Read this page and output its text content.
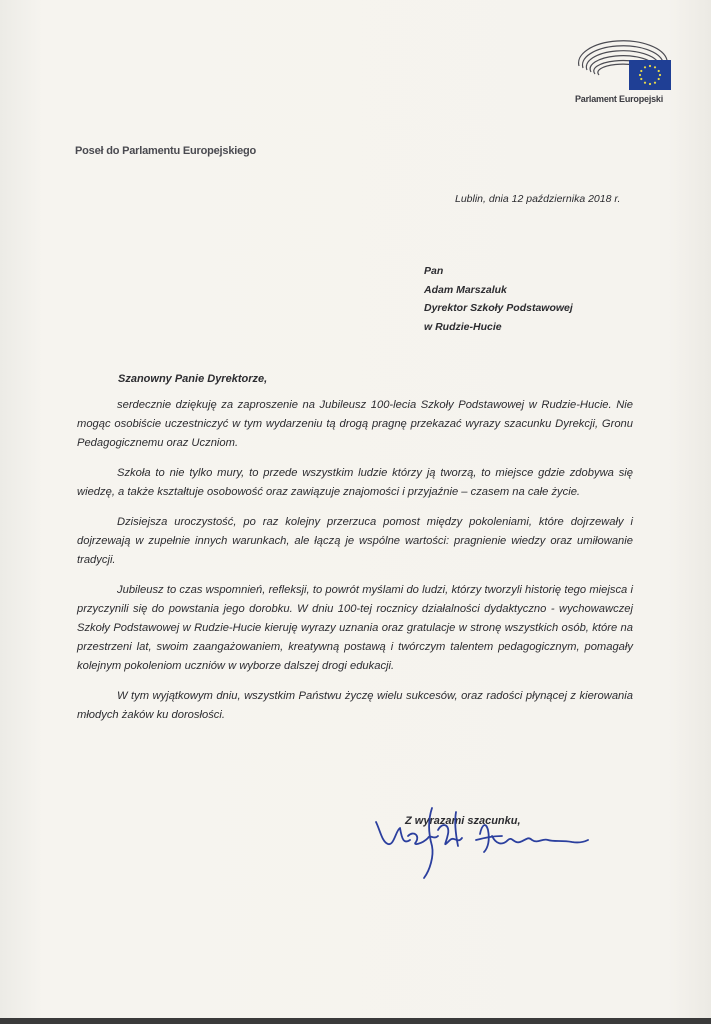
Parlament Europejski
Poseł do Parlamentu Europejskiego
Lublin, dnia 12 października 2018 r.
Pan
Adam Marszaluk
Dyrektor Szkoły Podstawowej
w Rudzie-Hucie
Szanowny Panie Dyrektorze,

serdecznie dziękuję za zaproszenie na Jubileusz 100-lecia Szkoły Podstawowej w Rudzie-Hucie. Nie mogąc osobiście uczestniczyć w tym wydarzeniu tą drogą pragnę przekazać wyrazy szacunku Dyrekcji, Gronu Pedagogicznemu oraz Uczniom.

Szkoła to nie tylko mury, to przede wszystkim ludzie którzy ją tworzą, to miejsce gdzie zdobywa się wiedzę, a także kształtuje osobowość oraz zawiązuje znajomości i przyjaźnie – czasem na całe życie.

Dzisiejsza uroczystość, po raz kolejny przerzuca pomost między pokoleniami, które dojrzewały i dojrzewają w zupełnie innych warunkach, ale łączą je wspólne wartości: pragnienie wiedzy oraz umiłowanie tradycji.

Jubileusz to czas wspomnień, refleksji, to powrót myślami do ludzi, którzy tworzyli historię tego miejsca i przyczynili się do powstania jego dorobku. W dniu 100-tej rocznicy działalności dydaktyczno - wychowawczej Szkoły Podstawowej w Rudzie-Hucie kieruję wyrazy uznania oraz gratulacje w stronę wszystkich osób, które na przestrzeni lat, swoim zaangażowaniem, kreatywną postawą i twórczym talentem pedagogicznym, pomagały kolejnym pokoleniom uczniów w wyborze dalszej drogi edukacji.

W tym wyjątkowym dniu, wszystkim Państwu życzę wielu sukcesów, oraz radości płynącej z kierowania młodych żaków ku dorosłości.

Z wyrazami szacunku,
